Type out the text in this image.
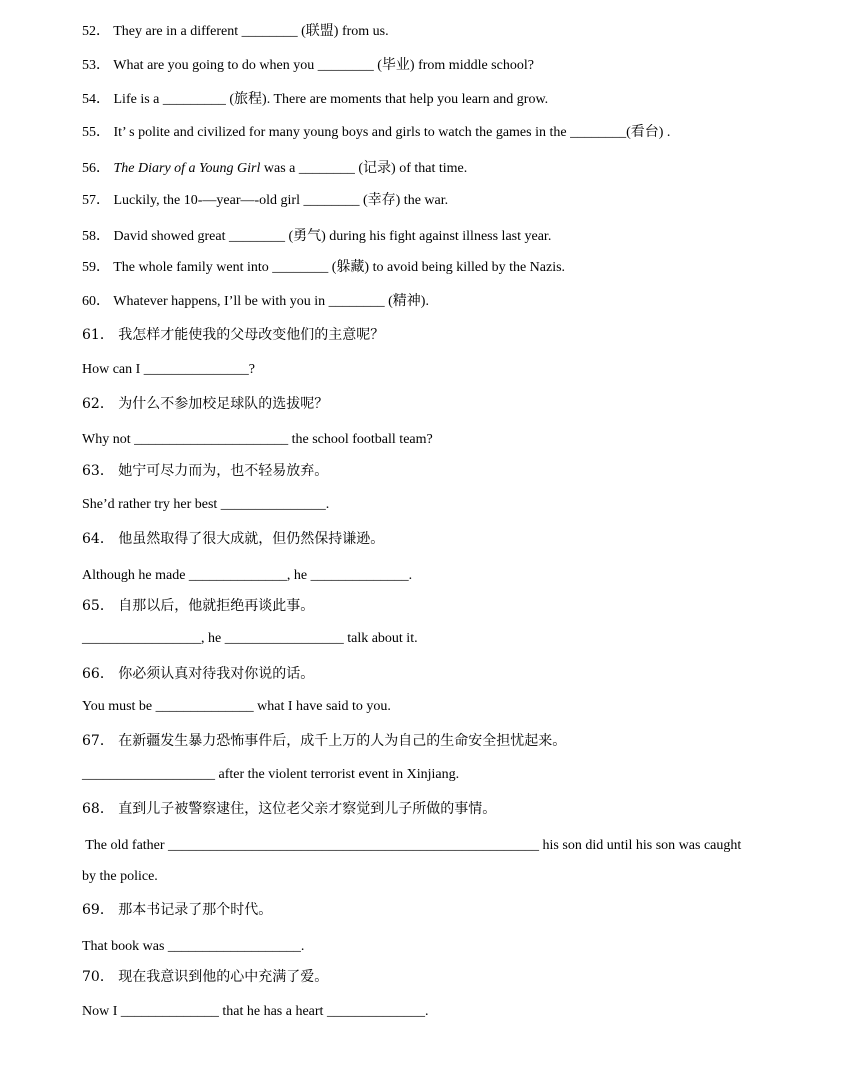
52． They are in a different ________ (联盟) from us.
53． What are you going to do when you ________ (毕业) from middle school?
54． Life is a _________ (旅程). There are moments that help you learn and grow.
55． It’ s polite and civilized for many young boys and girls to watch the games in the ________(看台) .
56． The Diary of a Young Girl was a ________ (记录) of that time.
57． Luckily, the 10-—year—-old girl ________ (幸存) the war.
58． David showed great ________ (勇气) during his fight against illness last year.
59． The whole family went into ________ (躲藏) to avoid being killed by the Nazis.
60． Whatever happens, I’ll be with you in ________ (精神).
61． 我怎样才能使我的父母改变他们的主意呢？
How can I _______________?
62． 为什么不参加校足球队的选拔呢？
Why not ______________________ the school football team?
63． 她宁可尽力而为，也不轻易放弃。
She’d rather try her best _______________.
64． 他虽然取得了很大成就，但仍然保持谦逊。
Although he made ______________, he ______________.
65． 自那以后，他就拒绝再谈此事。
_________________, he _________________ talk about it.
66． 你必须认真对待我对你说的话。
You must be ______________ what I have said to you.
67． 在新疆发生暴力恐怖事件后，成千上万的人为自己的生命安全担忧起来。
___________________ after the violent terrorist event in Xinjiang.
68． 直到儿子被警察逮住，这位老父亲才察觉到儿子所做的事情。
The old father _____________________________________________________ his son did until his son was caught
by the police.
69． 那本书记录了那个时代。
That book was ___________________.
70． 现在我意识到他的心中充满了爱。
Now I ______________ that he has a heart ______________.
